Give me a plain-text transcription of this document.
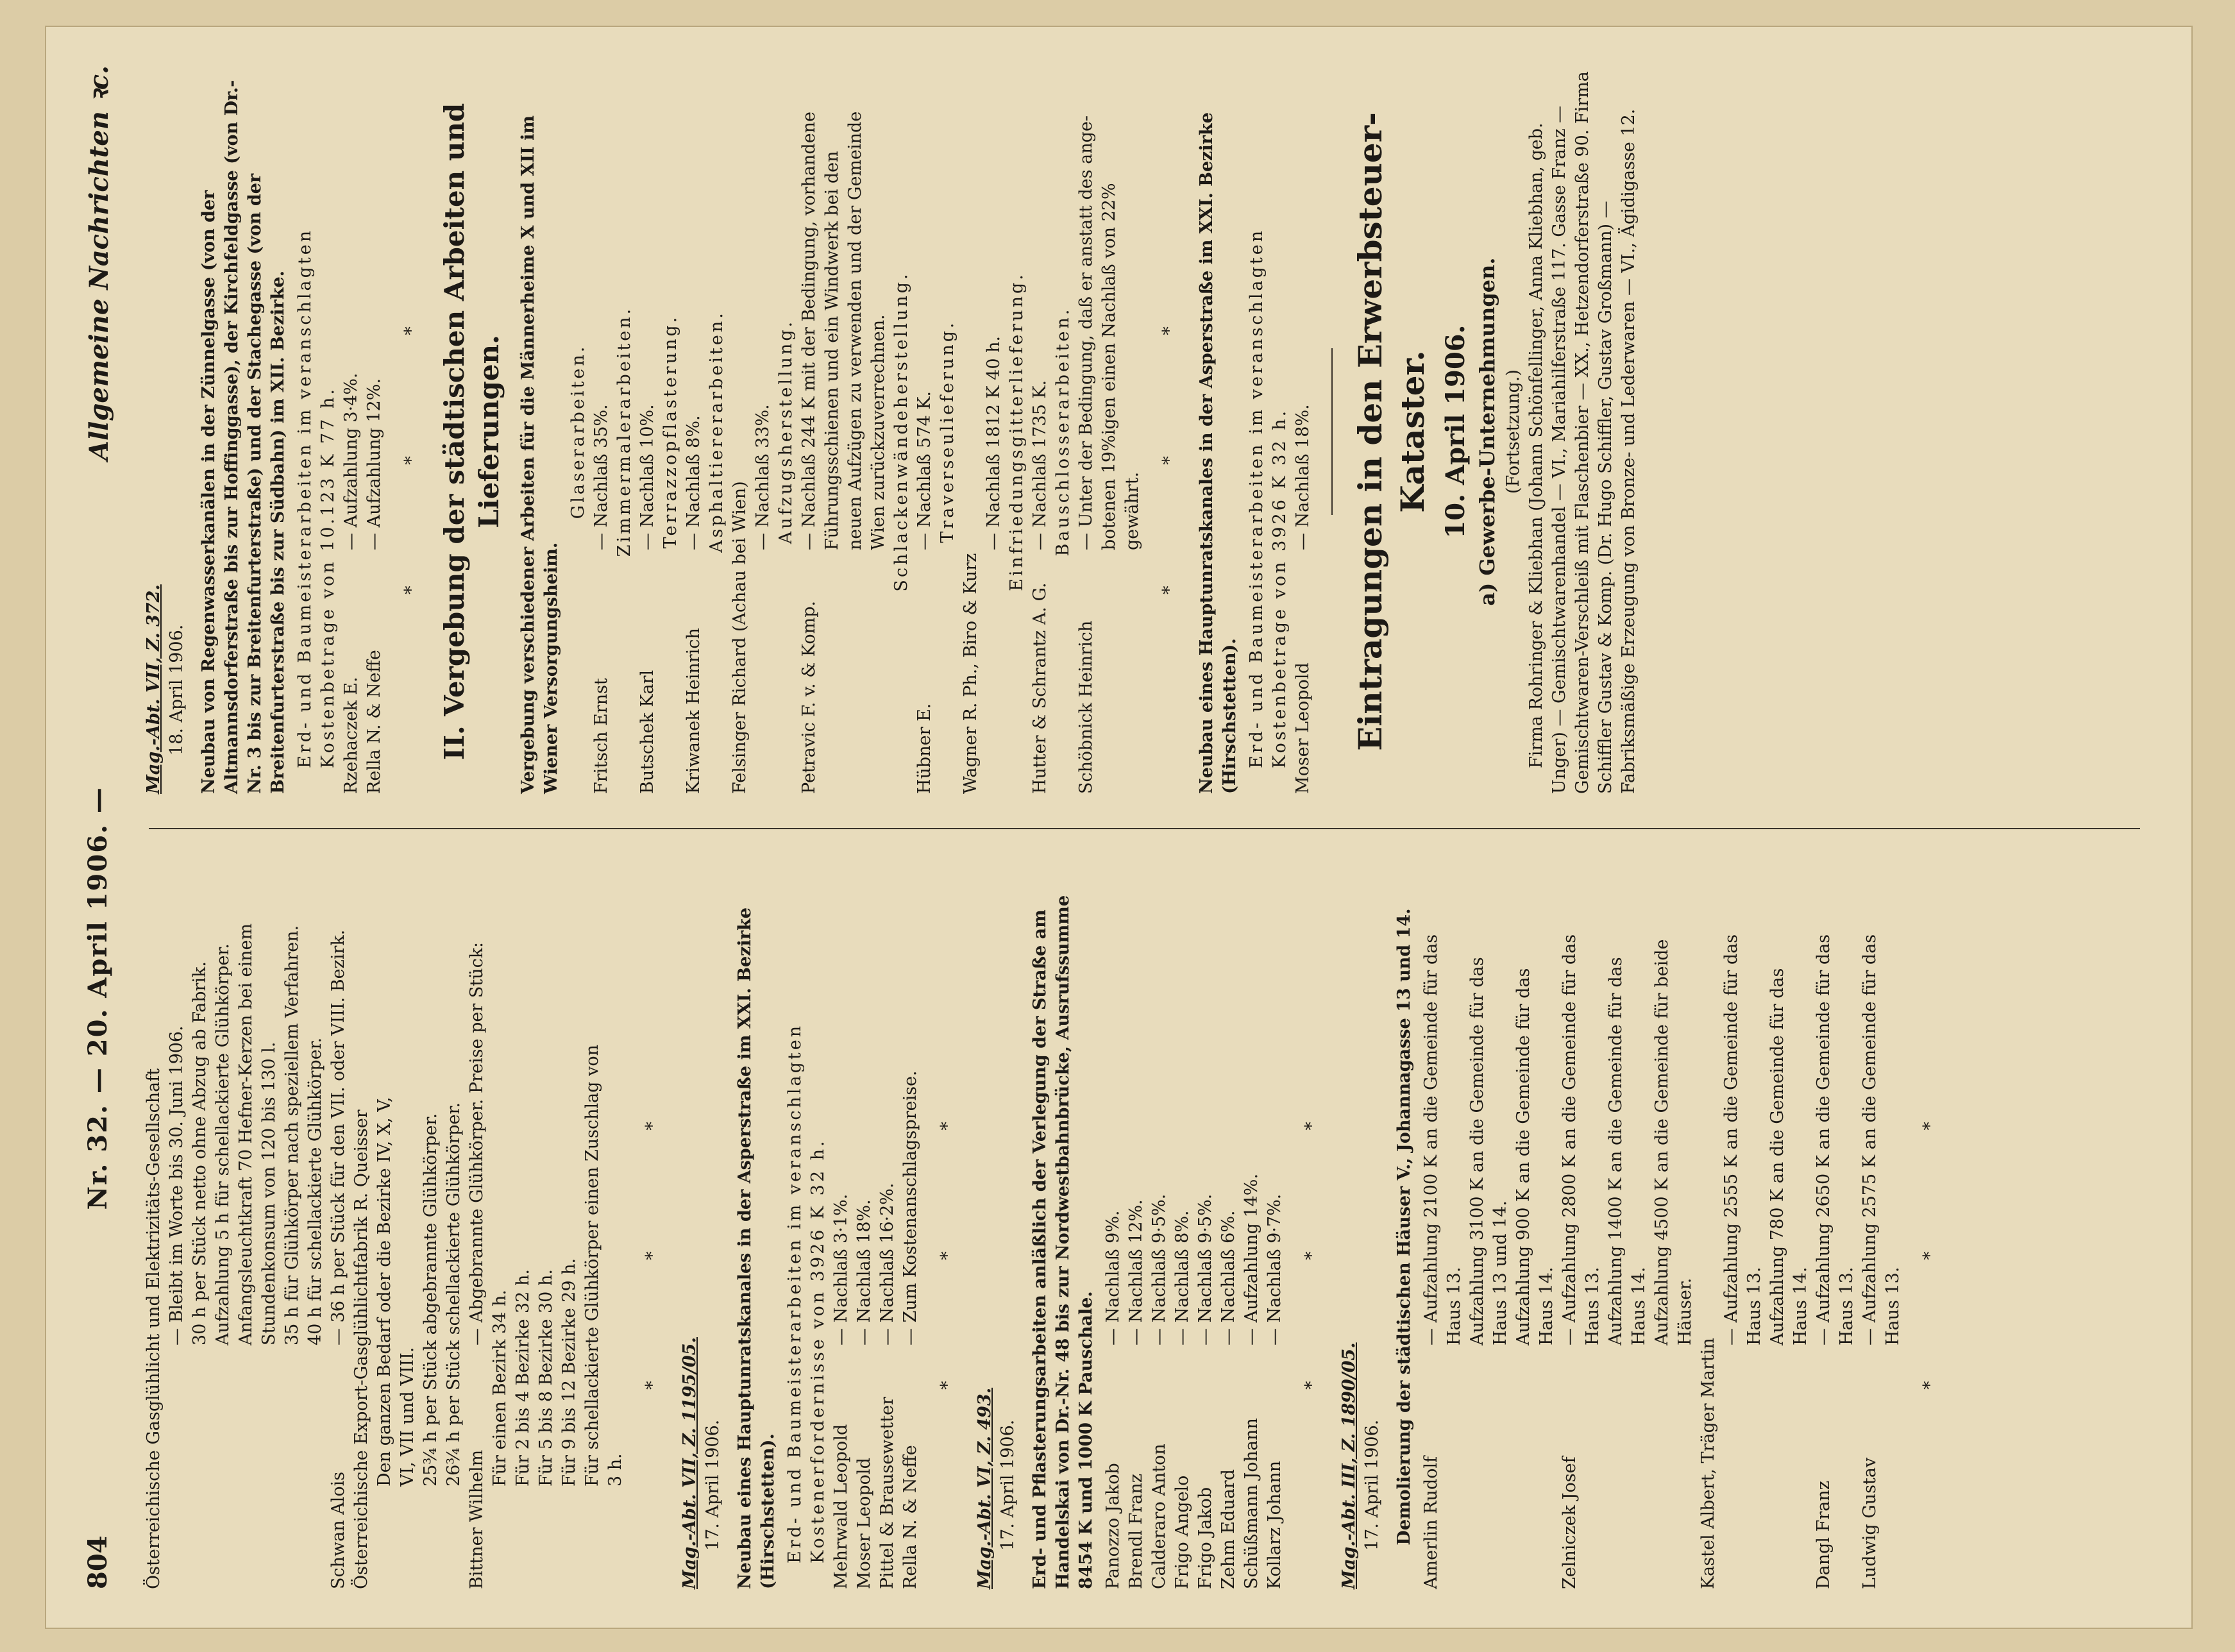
804
Nr. 32. — 20. April 1906. —
Allgemeine Nachrichten ꝛc.
Österreichische Gasglühlicht und Elektrizitäts-Gesellschaft — Bleibt im Worte bis 30. Juni 1906. 30 h per Stück netto ohne Abzug ab Fabrik. Aufzahlung 5 h für schellackierte Glühkörper. Anfangsleuchtkraft 70 Hefner-Kerzen bei einem Stundenkonsum von 120 bis 130 l. 35 h für Glühkörper nach speziellem Verfahren. 40 h für schellackierte Glühkörper.
Schwan Alois
— 36 h per Stück für den VII. oder VIII. Bezirk. Österreichische Export-Gasglühlichtfabrik R. Queisser Den ganzen Bedarf oder die Bezirke IV, X, V, VI, VII und VIII. 25¾ h per Stück abgebrannte Glühkörper. 26¾ h per Stück schellackierte Glühkörper.
Bittner Wilhelm
— Abgebrannte Glühkörper. Preise per Stück:
Für einen Bezirk 34 h. Für 2 bis 4 Bezirke 32 h. Für 5 bis 8 Bezirke 30 h. Für 9 bis 12 Bezirke 29 h. Für schellackierte Glühkörper einen Zuschlag von 3 h.
* * *
Mag.-Abt. VII, Z. 1195/05. 17. April 1906. Neubau eines Hauptunratskanales in der Asperstraße im XXI. Bezirke (Hirschstetten). Erd- und Baumeisterarbeiten im veranschlagten Kostenerfordernisse von 3926 K 32 h. Mehrwald Leopold
— Nachlaß 3·1%.
Moser Leopold
— Nachlaß 18%.
Pittel & Brausewetter
— Nachlaß 16·2%.
Rella N. & Neffe
— Zum Kostenanschlagspreise. * * *
Mag.-Abt. VI, Z. 493. 17. April 1906. Erd- und Pflasterungsarbeiten anläßlich der Verlegung der Straße am Handelskai von Dr.-Nr. 48 bis zur Nordwestbahnbrücke, Ausrufssumme 8454 K und 1000 K Pauschale. Panozzo Jakob
— Nachlaß 9%.
Brendl Franz
— Nachlaß 12%.
Calderaro Anton
— Nachlaß 9·5%.
Frigo Angelo
— Nachlaß 8%.
Frigo Jakob
— Nachlaß 9·5%.
Zehm Eduard
— Nachlaß 6%.
Schüßmann Johann
— Aufzahlung 14%.
Kollarz Johann
— Nachlaß 9·7%. * * *
Mag.-Abt. III, Z. 1890/05. 17. April 1906. Demolierung der städtischen Häuser V., Johannagasse 13 und 14. Amerlin Rudolf
— Aufzahlung 2100 K an die Gemeinde für das Haus 13. Aufzahlung 3100 K an die Gemeinde für das Haus 13 und 14. Aufzahlung 900 K an die Gemeinde für das Haus 14.
Zelniczek Josef
— Aufzahlung 2800 K an die Gemeinde für das Haus 13. Aufzahlung 1400 K an die Gemeinde für das Haus 14. Aufzahlung 4500 K an die Gemeinde für beide Häuser.
Kastel Albert, Träger Martin
— Aufzahlung 2555 K an die Gemeinde für das Haus 13. Aufzahlung 780 K an die Gemeinde für das Haus 14.
Dangl Franz
— Aufzahlung 2650 K an die Gemeinde für das Haus 13.
Ludwig Gustav
— Aufzahlung 2575 K an die Gemeinde für das Haus 13. * * *
Mag.-Abt. VII, Z. 372. 18. April 1906. Neubau von Regenwasserkanälen in der Zünnelgasse (von der Altmannsdorferstraße bis zur Hoffinggasse), der Kirchfeldgasse (von Dr.-Nr. 3 bis zur Breitenfurterstraße) und der Stachegasse (von der Breitenfurterstraße bis zur Südbahn) im XII. Bezirke. Erd- und Baumeisterarbeiten im veranschlagten Kostenbetrage von 10.123 K 77 h. Rzehaczek E.
— Aufzahlung 3·4%.
Rella N. & Neffe
— Aufzahlung 12%. * * * II. Vergebung der städtischen Arbeiten und Lieferungen. Vergebung verschiedener Arbeiten für die Männerheime X und XII im Wiener Versorgungsheim.
Glaserarbeiten.
Fritsch Ernst
— Nachlaß 35%. Zimmermalerarbeiten.
Butschek Karl
— Nachlaß 10%. Terrazzopflasterung.
Kriwanek Heinrich
— Nachlaß 8%. Asphaltiererarbeiten.
Felsinger Richard (Achau bei Wien)
— Nachlaß 33%. Aufzugsherstellung.
Petravic F. v. & Komp.
— Nachlaß 244 K mit der Bedingung, vorhandene Führungsschienen und ein Windwerk bei den neuen Aufzügen zu verwenden und der Gemeinde Wien zurückzuverrechnen. Schlackenwändeherstellung.
Hübner E.
— Nachlaß 574 K. Traverseulieferung.
Wagner R. Ph., Biro & Kurz
— Nachlaß 1812 K 40 h. Einfriedungsgitterlieferung.
Hutter & Schrantz A. G.
— Nachlaß 1735 K. Bauschlosserarbeiten.
Schöbnick Heinrich
— Unter der Bedingung, daß er anstatt des ange- botenen 19%igen einen Nachlaß von 22% gewährt. * * * Neubau eines Hauptunratskanales in der Asperstraße im XXI. Bezirke (Hirschstetten). Erd- und Baumeisterarbeiten im veranschlagten Kostenbetrage von 3926 K 32 h. Moser Leopold
— Nachlaß 18%. Eintragungen in den Erwerbsteuer-Kataster. 10. April 1906. a) Gewerbe-Unternehmungen. (Fortsetzung.) Firma Rohringer & Kliebhan (Johann Schönfellinger, Anna Kliebhan, geb. Unger) — Gemischtwarenhandel — VI., Mariahilferstraße 117. Gasse Franz — Gemischtwaren-Verschleiß mit Flaschenbier — XX., Hetzendorferstraße 90. Firma Schiffler Gustav & Komp. (Dr. Hugo Schiffler, Gustav Großmann) — Fabriksmäßige Erzeugung von Bronze- und Lederwaren — VI., Ägidigasse 12.
